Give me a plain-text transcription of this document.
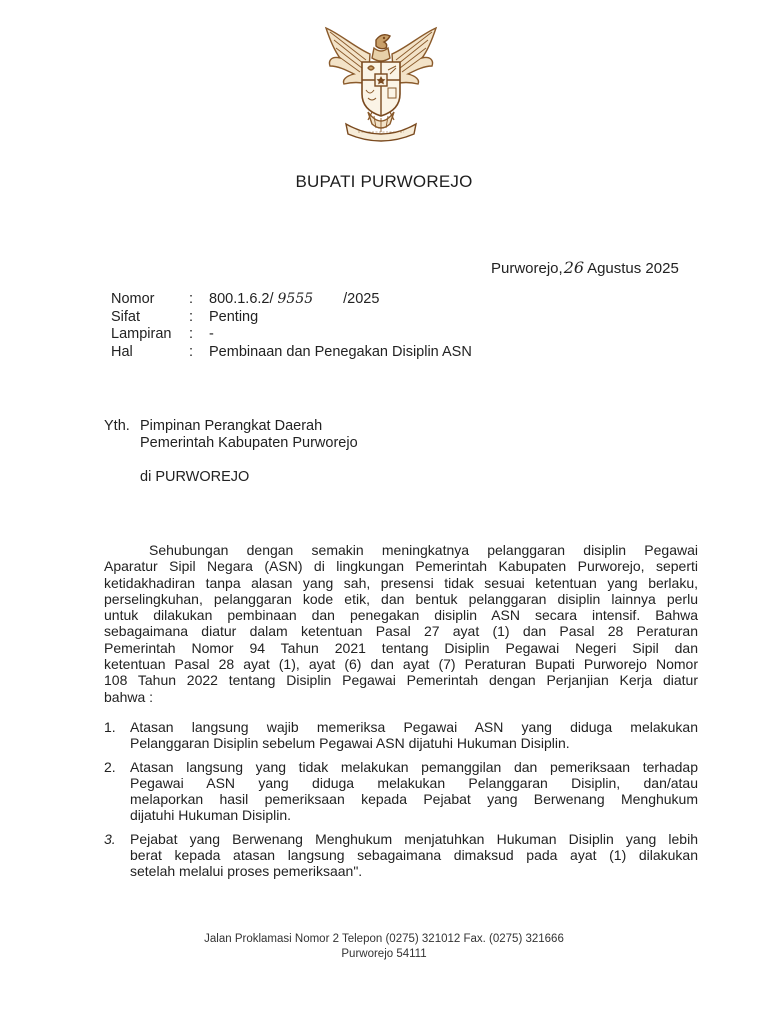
BUPATI PURWOREJO
Purworejo,26 Agustus 2025
Nomor	:	800.1.6.2/ 9555 /2025
Sifat	:	Penting
Lampiran	:	-
Hal	:	Pembinaan dan Penegakan Disiplin ASN
Yth. Pimpinan Perangkat Daerah
Pemerintah Kabupaten Purworejo
di PURWOREJO
Sehubungan dengan semakin meningkatnya pelanggaran disiplin Pegawai
Aparatur Sipil Negara (ASN) di lingkungan Pemerintah Kabupaten Purworejo, seperti
ketidakhadiran tanpa alasan yang sah, presensi tidak sesuai ketentuan yang berlaku,
perselingkuhan, pelanggaran kode etik, dan bentuk pelanggaran disiplin lainnya perlu
untuk dilakukan pembinaan dan penegakan disiplin ASN secara intensif. Bahwa
sebagaimana diatur dalam ketentuan Pasal 27 ayat (1) dan Pasal 28 Peraturan
Pemerintah Nomor 94 Tahun 2021 tentang Disiplin Pegawai Negeri Sipil dan
ketentuan Pasal 28 ayat (1), ayat (6) dan ayat (7) Peraturan Bupati Purworejo Nomor
108 Tahun 2022 tentang Disiplin Pegawai Pemerintah dengan Perjanjian Kerja diatur
bahwa :
1.	Atasan langsung wajib memeriksa Pegawai ASN yang diduga melakukan
Pelanggaran Disiplin sebelum Pegawai ASN dijatuhi Hukuman Disiplin.
2.	Atasan langsung yang tidak melakukan pemanggilan dan pemeriksaan terhadap
Pegawai ASN yang diduga melakukan Pelanggaran Disiplin, dan/atau
melaporkan hasil pemeriksaan kepada Pejabat yang Berwenang Menghukum
dijatuhi Hukuman Disiplin.
3.	Pejabat yang Berwenang Menghukum menjatuhkan Hukuman Disiplin yang lebih
berat kepada atasan langsung sebagaimana dimaksud pada ayat (1) dilakukan
setelah melalui proses pemeriksaan".
Jalan Proklamasi Nomor 2 Telepon (0275) 321012 Fax. (0275) 321666
Purworejo 54111
